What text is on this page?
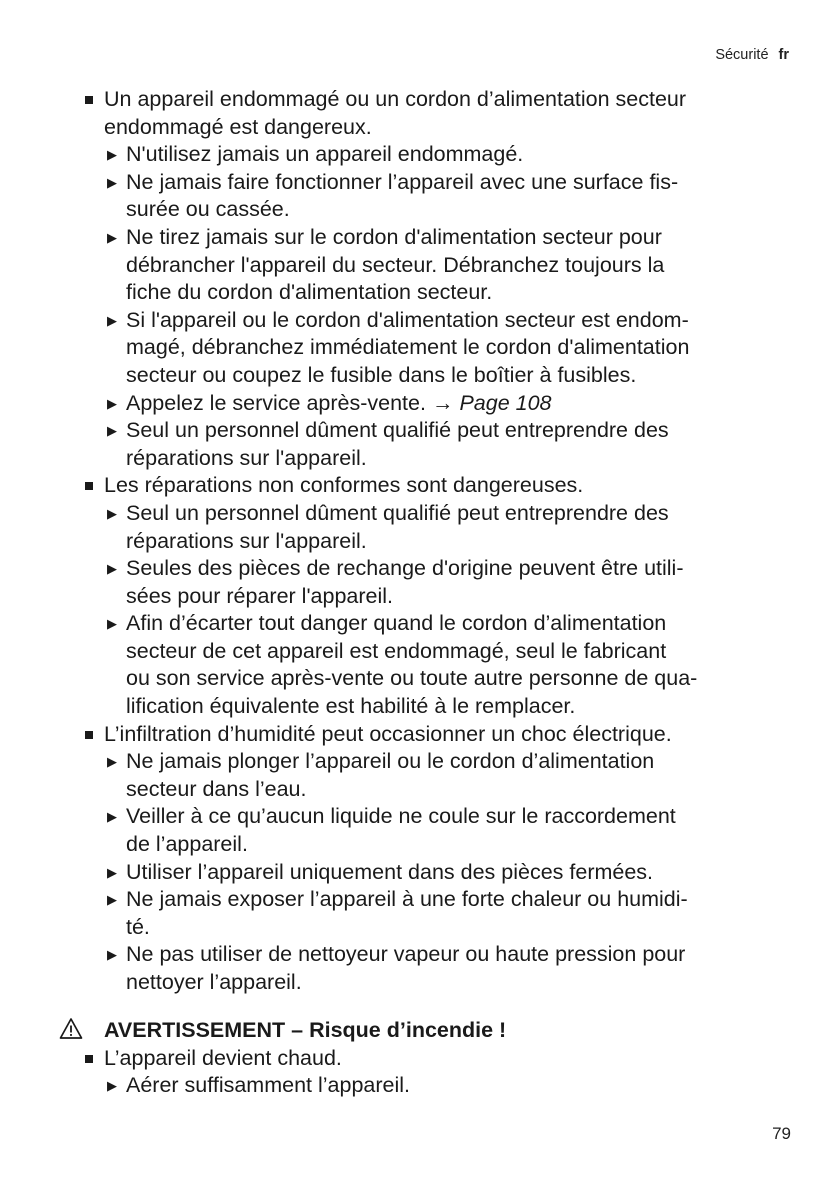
Sécurité fr
Un appareil endommagé ou un cordon d’alimentation secteur
endommagé est dangereux.
▶ N'utilisez jamais un appareil endommagé.
▶ Ne jamais faire fonctionner l’appareil avec une surface fis-
surée ou cassée.
▶ Ne tirez jamais sur le cordon d'alimentation secteur pour
débrancher l'appareil du secteur. Débranchez toujours la
fiche du cordon d'alimentation secteur.
▶ Si l'appareil ou le cordon d'alimentation secteur est endom-
magé, débranchez immédiatement le cordon d'alimentation
secteur ou coupez le fusible dans le boîtier à fusibles.
▶ Appelez le service après-vente. → Page 108
▶ Seul un personnel dûment qualifié peut entreprendre des
réparations sur l'appareil.
Les réparations non conformes sont dangereuses.
▶ Seul un personnel dûment qualifié peut entreprendre des
réparations sur l'appareil.
▶ Seules des pièces de rechange d'origine peuvent être utili-
sées pour réparer l'appareil.
▶ Afin d’écarter tout danger quand le cordon d’alimentation
secteur de cet appareil est endommagé, seul le fabricant
ou son service après-vente ou toute autre personne de qua-
lification équivalente est habilité à le remplacer.
L’infiltration d’humidité peut occasionner un choc électrique.
▶ Ne jamais plonger l’appareil ou le cordon d’alimentation
secteur dans l’eau.
▶ Veiller à ce qu’aucun liquide ne coule sur le raccordement
de l’appareil.
▶ Utiliser l’appareil uniquement dans des pièces fermées.
▶ Ne jamais exposer l’appareil à une forte chaleur ou humidi-
té.
▶ Ne pas utiliser de nettoyeur vapeur ou haute pression pour
nettoyer l’appareil.
AVERTISSEMENT – Risque d’incendie !
L’appareil devient chaud.
▶ Aérer suffisamment l’appareil.
79
